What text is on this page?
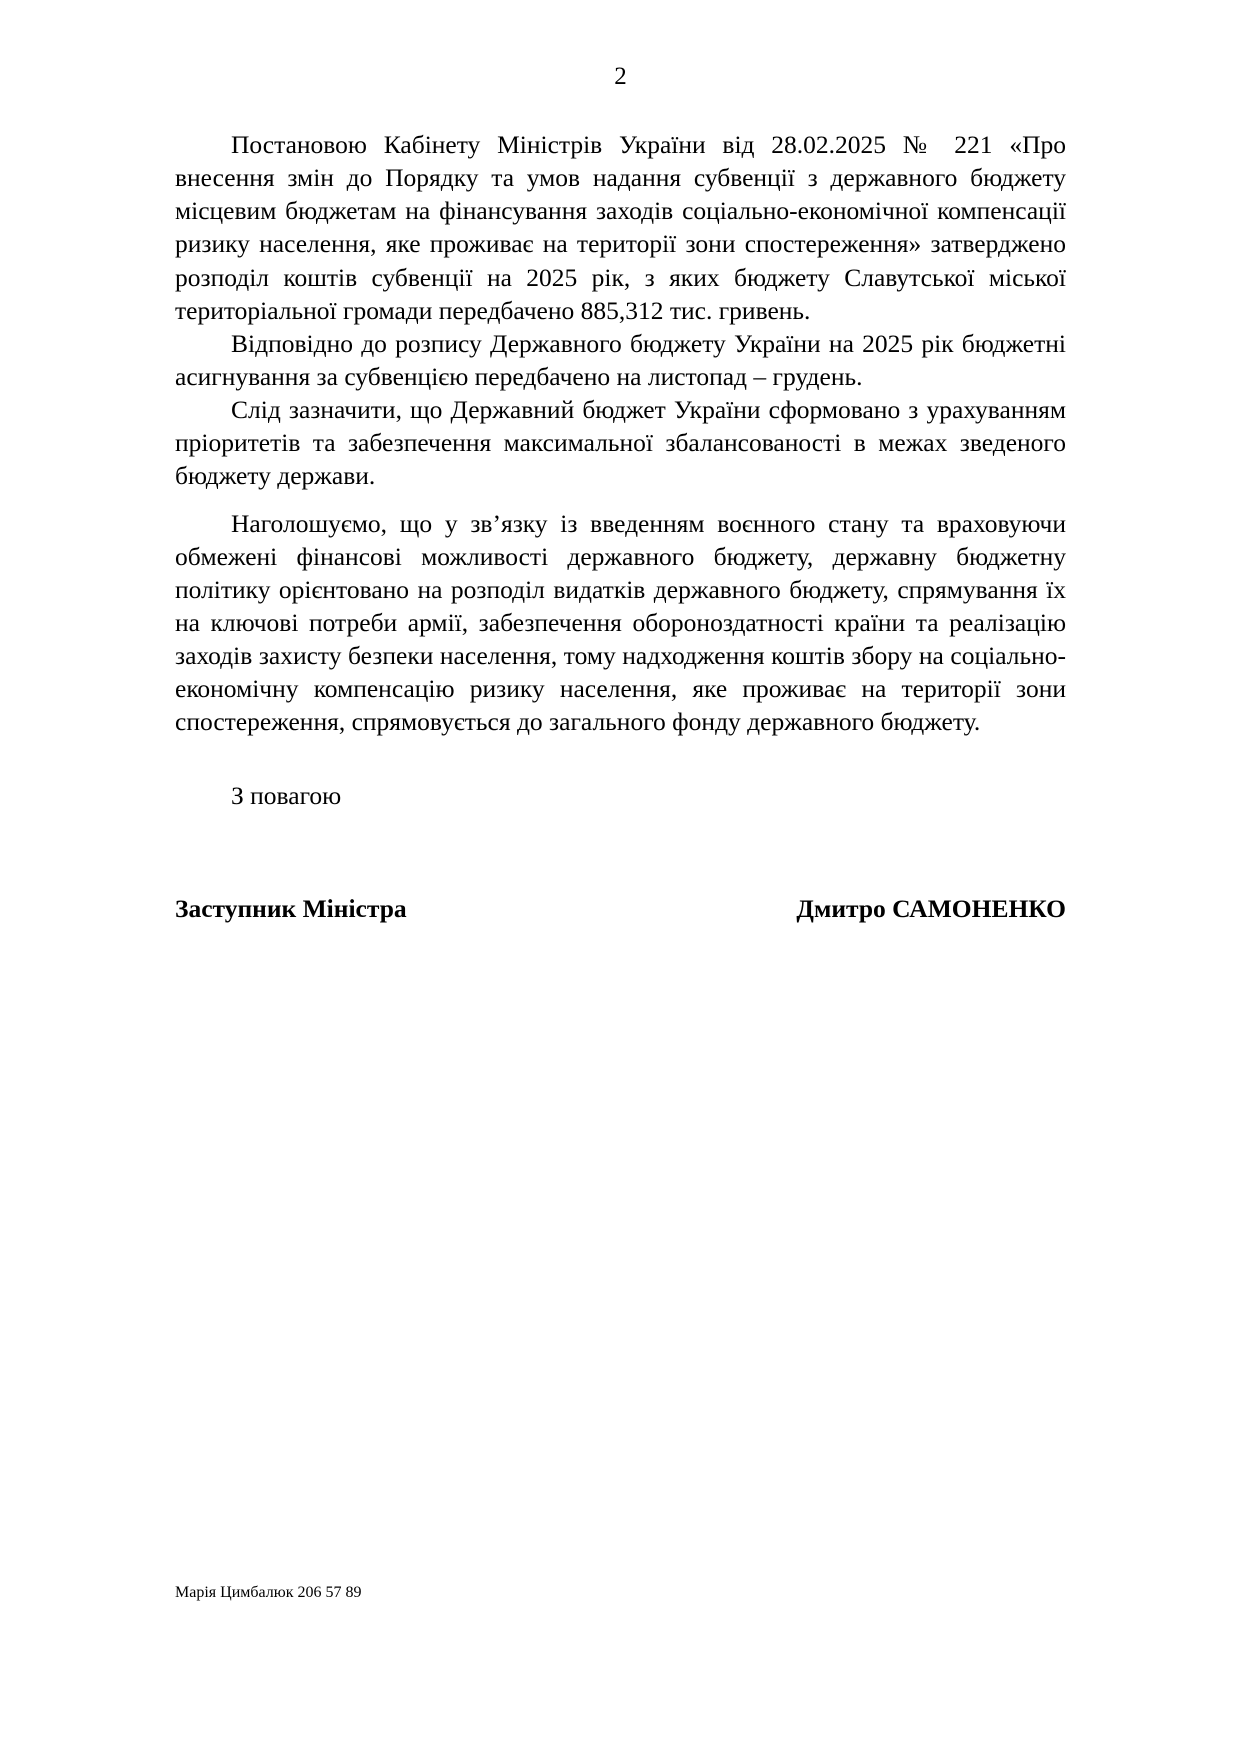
2

Постановою Кабінету Міністрів України від 28.02.2025 № 221 «Про внесення змін до Порядку та умов надання субвенції з державного бюджету місцевим бюджетам на фінансування заходів соціально-економічної компенсації ризику населення, яке проживає на території зони спостереження» затверджено розподіл коштів субвенції на 2025 рік, з яких бюджету Славутської міської територіальної громади передбачено 885,312 тис. гривень.

Відповідно до розпису Державного бюджету України на 2025 рік бюджетні асигнування за субвенцією передбачено на листопад – грудень.

Слід зазначити, що Державний бюджет України сформовано з урахуванням пріоритетів та забезпечення максимальної збалансованості в межах зведеного бюджету держави.

Наголошуємо, що у зв’язку із введенням воєнного стану та враховуючи обмежені фінансові можливості державного бюджету, державну бюджетну політику орієнтовано на розподіл видатків державного бюджету, спрямування їх на ключові потреби армії, забезпечення обороноздатності країни та реалізацію заходів захисту безпеки населення, тому надходження коштів збору на соціально-економічну компенсацію ризику населення, яке проживає на території зони спостереження, спрямовується до загального фонду державного бюджету.

З повагою
Заступник Міністра	Дмитро САМОНЕНКО
Марія Цимбалюк 206 57 89
